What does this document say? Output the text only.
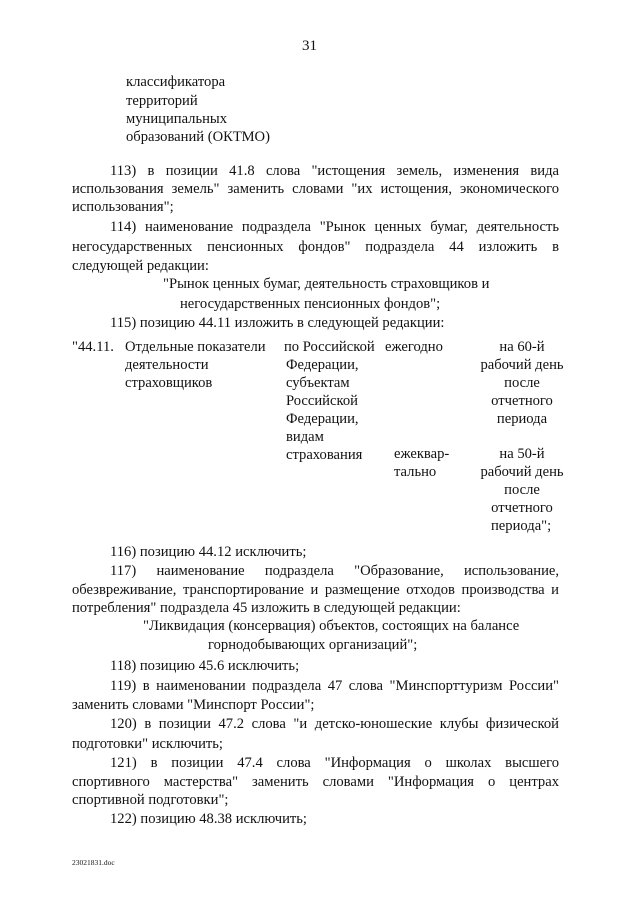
31
классификатора
территорий
муниципальных
образований (ОКТМО)
113) в позиции 41.8 слова "истощения земель, изменения вида
использования земель" заменить словами "их истощения, экономического
использования";
114) наименование подраздела "Рынок ценных бумаг, деятельность
негосударственных пенсионных фондов" подраздела 44 изложить в
следующей редакции:
"Рынок ценных бумаг, деятельность страховщиков и
негосударственных пенсионных фондов";
115) позицию 44.11 изложить в следующей редакции:
"44.11. Отдельные показатели
деятельности
страховщиков
по Российской
Федерации,
субъектам
Российской
Федерации,
видам
страхования
ежегодно
ежеквар-
тально
на 60-й
рабочий день
после
отчетного
периода
на 50-й
рабочий день
после
отчетного
периода";
116) позицию 44.12 исключить;
117) наименование подраздела "Образование, использование,
обезвреживание, транспортирование и размещение отходов производства и
потребления" подраздела 45 изложить в следующей редакции:
"Ликвидация (консервация) объектов, состоящих на балансе
горнодобывающих организаций";
118) позицию 45.6 исключить;
119) в наименовании подраздела 47 слова "Минспорттуризм России"
заменить словами "Минспорт России";
120) в позиции 47.2 слова "и детско-юношеские клубы физической
подготовки" исключить;
121) в позиции 47.4 слова "Информация о школах высшего
спортивного мастерства" заменить словами "Информация о центрах
спортивной подготовки";
122) позицию 48.38 исключить;
23021831.doc
